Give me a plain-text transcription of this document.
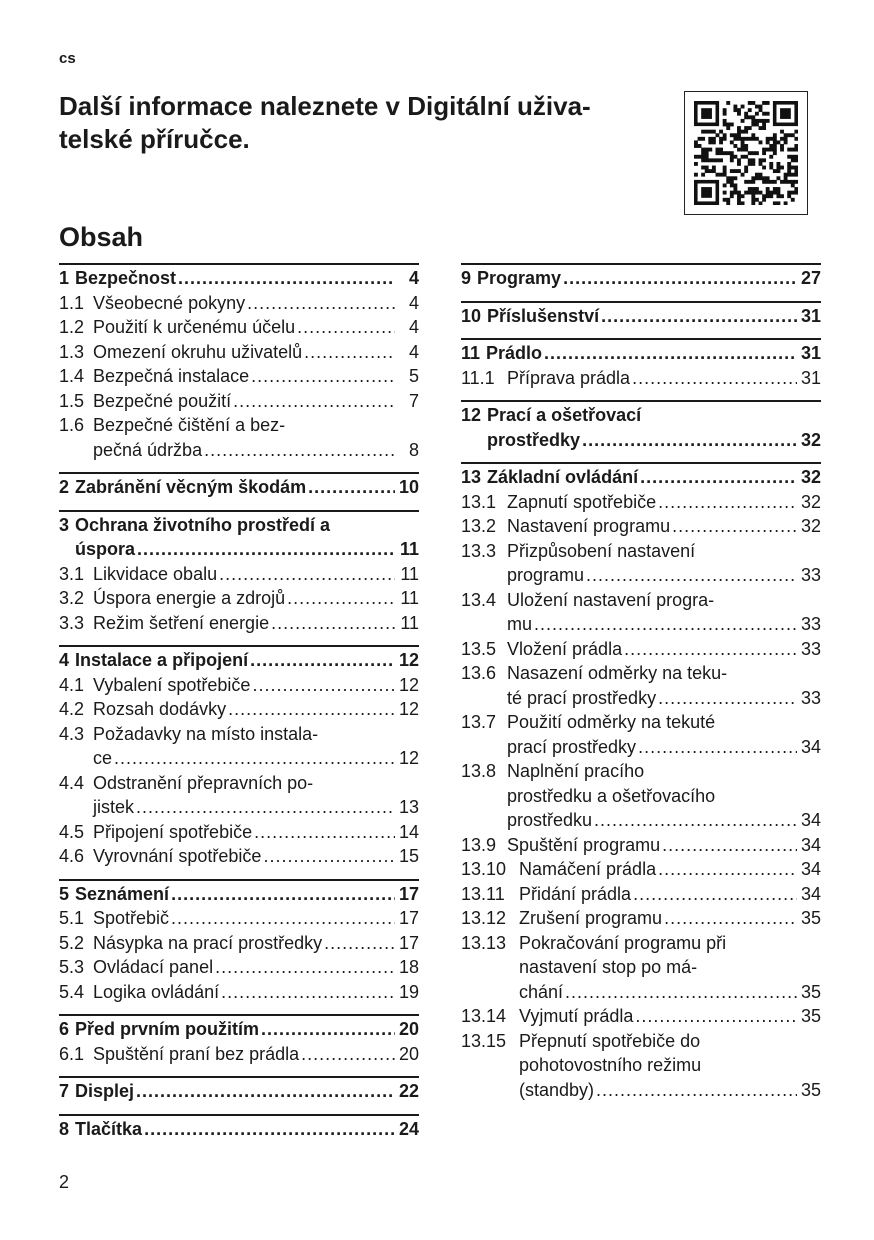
cs
Další informace naleznete v Digitální uživa-
telské příručce.
Obsah
1 Bezpečnost .....	4
1.1 Všeobecné pokyny .....	4
1.2 Použití k určenému účelu .....	4
1.3 Omezení okruhu uživatelů .....	4
1.4 Bezpečná instalace .....	5
1.5 Bezpečné použití .....	7
1.6 Bezpečné čištění a bez-
pečná údržba .....	8
2 Zabránění věcným škodám .....	10
3 Ochrana životního prostředí a
úspora .....	11
3.1 Likvidace obalu .....	11
3.2 Úspora energie a zdrojů .....	11
3.3 Režim šetření energie .....	11
4 Instalace a připojení .....	12
4.1 Vybalení spotřebiče .....	12
4.2 Rozsah dodávky .....	12
4.3 Požadavky na místo instala-
ce .....	12
4.4 Odstranění přepravních po-
jistek .....	13
4.5 Připojení spotřebiče .....	14
4.6 Vyrovnání spotřebiče .....	15
5 Seznámení .....	17
5.1 Spotřebič .....	17
5.2 Násypka na prací prostředky .....	17
5.3 Ovládací panel .....	18
5.4 Logika ovládání .....	19
6 Před prvním použitím .....	20
6.1 Spuštění praní bez prádla .....	20
7 Displej .....	22
8 Tlačítka .....	24
9 Programy .....	27
10 Příslušenství .....	31
11 Prádlo .....	31
11.1 Příprava prádla .....	31
12 Prací a ošetřovací
prostředky .....	32
13 Základní ovládání .....	32
13.1 Zapnutí spotřebiče .....	32
13.2 Nastavení programu .....	32
13.3 Přizpůsobení nastavení
programu .....	33
13.4 Uložení nastavení progra-
mu .....	33
13.5 Vložení prádla .....	33
13.6 Nasazení odměrky na teku-
té prací prostředky .....	33
13.7 Použití odměrky na tekuté
prací prostředky .....	34
13.8 Naplnění pracího
prostředku a ošetřovacího
prostředku .....	34
13.9 Spuštění programu .....	34
13.10 Namáčení prádla .....	34
13.11 Přidání prádla .....	34
13.12 Zrušení programu .....	35
13.13 Pokračování programu při
nastavení stop po má-
chání .....	35
13.14 Vyjmutí prádla .....	35
13.15 Přepnutí spotřebiče do
pohotovostního režimu
(standby) .....	35
2
